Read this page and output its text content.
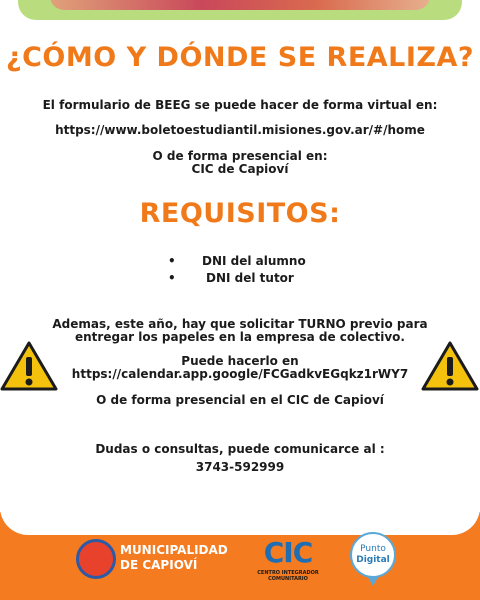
¿CÓMO Y DÓNDE SE REALIZA?
El formulario de BEEG se puede hacer de forma virtual en:
https://www.boletoestudiantil.misiones.gov.ar/#/home
O de forma presencial en:
CIC de Capioví
REQUISITOS:
• DNI del alumno
•	DNI del tutor
Ademas, este año, hay que solicitar TURNO previo para
entregar los papeles en la empresa de colectivo.
Puede hacerlo en
https://calendar.app.google/FCGadkvEGqkz1rWY7
O de forma presencial en el CIC de Capioví
Dudas o consultas, puede comunicarce al :
3743-592999
MUNICIPALIDAD
DE CAPIOVÍ	CIC
CENTRO INTEGRADOR
COMUNITARIO
Punto
Digital
